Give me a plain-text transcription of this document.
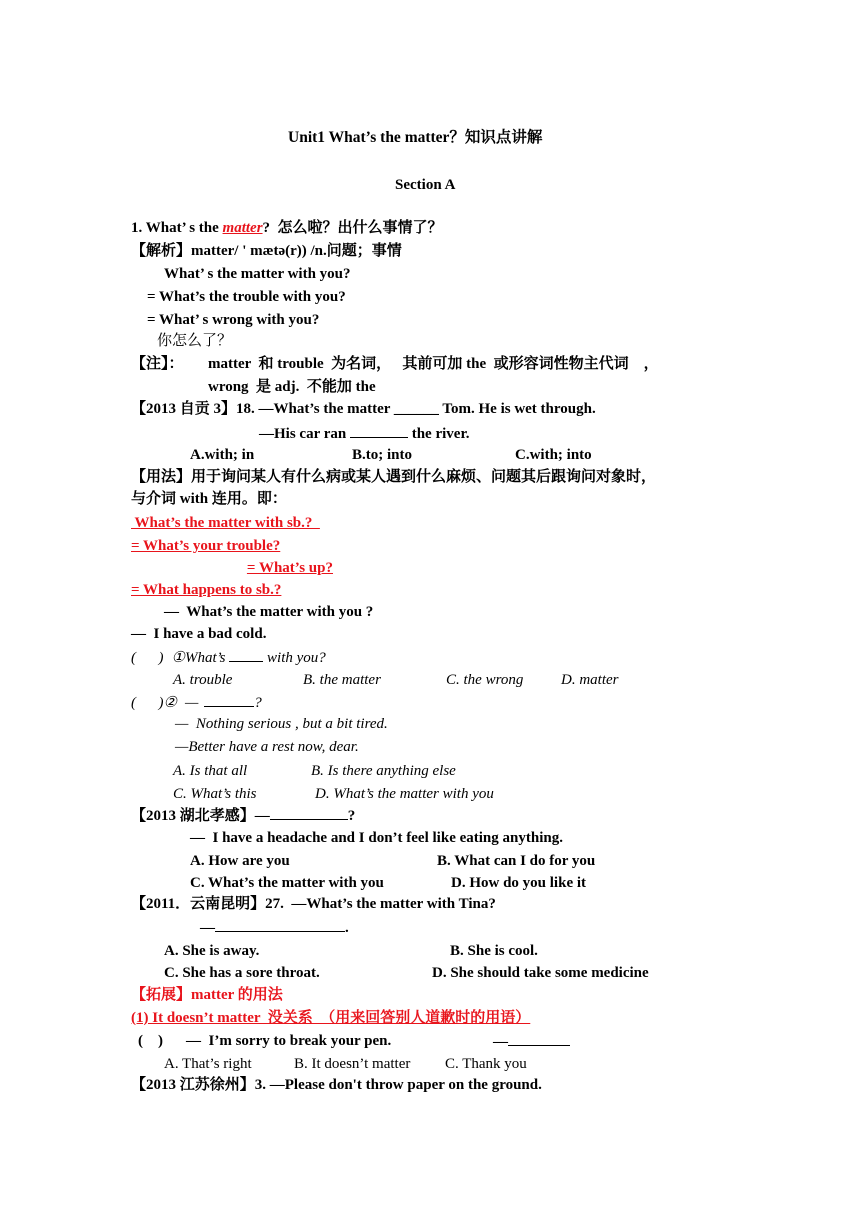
Unit1 What’s the matter？知识点讲解
Section A
1. What’ s the matter?  怎么啦？出什么事情了？
【解析】matter/ ' mætə(r)) /n.问题；事情
What’ s the matter with you?
= What’s the trouble with you?
= What’ s wrong with you?
你怎么了？
【注】： matter  和 trouble  为名词，   其前可加 the  或形容词性物主代词    ，
wrong  是 adj.  不能加 the
【2013 自贡 3】18. —What’s the matter ______ Tom. He is wet through.
—His car ran	the river.
A.with; in	B.to; into	C.with; into
【用法】用于询问某人有什么病或某人遇到什么麻烦、问题其后跟询问对象时，
与介词 with 连用。即：
What’s the matter with sb.?
= What’s your trouble?
= What’s up?
= What happens to sb.?
—  What’s the matter with you ?
—  I have a bad cold.
(      ) ①What’s  with you?
A. trouble	B. the matter	C. the wrong	D. matter
(      )② —	?
—  Nothing serious , but a bit tired.
—Better have a rest now, dear.
A. Is that all	B. Is there anything else
C. What’s this	D. What’s the matter with you
【2013 湖北孝感】—	?
—  I have a headache and I don’t feel like eating anything.
A. How are you	B. What can I do for you
C. What’s the matter with you	D. How do you like it
【2011．云南昆明】27.  —What’s the matter with Tina?
—	.
A. She is away.	B. She is cool.
C. She has a sore throat.	D. She should take some medicine
【拓展】matter 的用法
(1) It doesn’t matter  没关系  （用来回答别人道歉时的用语）
(    ) —  I’m sorry to break your pen.	—
A. That’s right	B. It doesn’t matter C. Thank you
【2013 江苏徐州】3. —Please don't throw paper on the ground.
